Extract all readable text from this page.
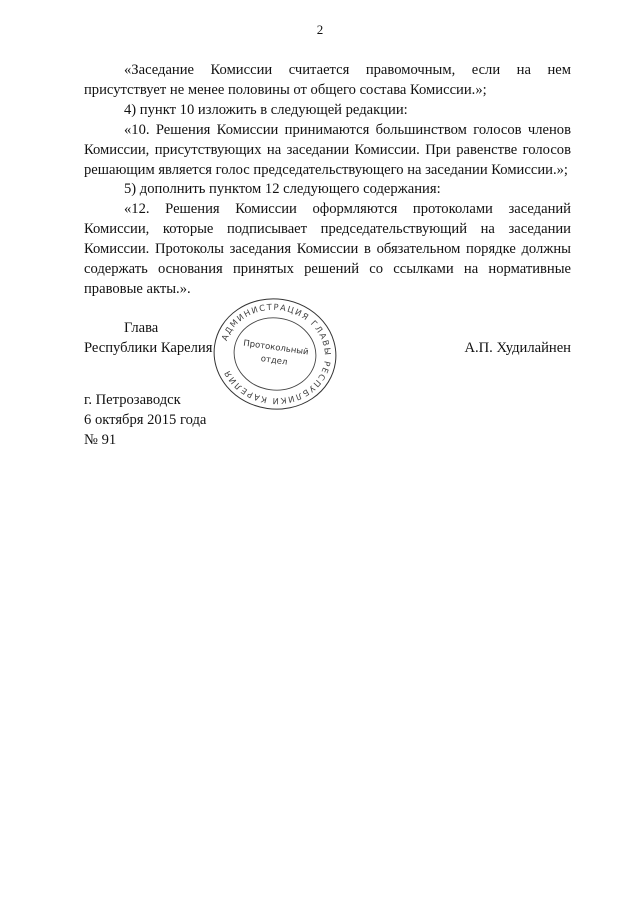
2

«Заседание Комиссии считается правомочным, если на нем присутствует не менее половины от общего состава Комиссии.»;

4) пункт 10 изложить в следующей редакции:

«10. Решения Комиссии принимаются большинством голосов членов Комиссии, присутствующих на заседании Комиссии. При равенстве голосов решающим является голос председательствующего на заседании Комиссии.»;

5) дополнить пунктом 12 следующего содержания:

«12. Решения Комиссии оформляются протоколами заседаний Комиссии, которые подписывает председательствующий на заседании Комиссии. Протоколы заседания Комиссии в обязательном порядке должны содержать основания принятых решений со ссылками на нормативные правовые акты.».

Глава
Республики Карелия	А.П. Худилайнен
АДМИНИСТРАЦИЯ ГЛАВЫ РЕСПУБЛИКИ КАРЕЛИЯ
Протокольный
отдел
г. Петрозаводск
6 октября 2015 года
№ 91
